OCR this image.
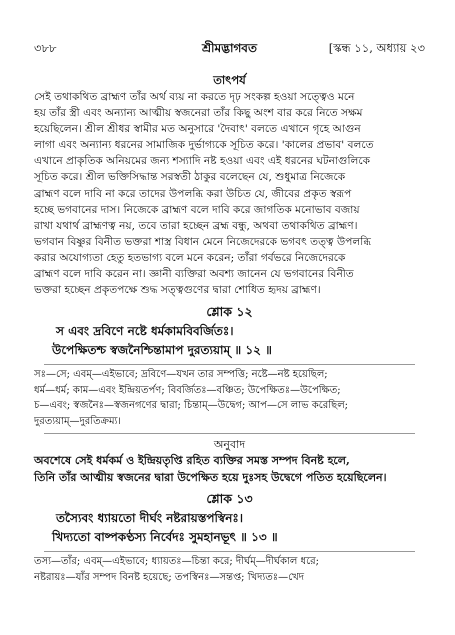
৩৮৮	শ্রীমদ্ভাগবত	[স্কন্ধ ১১, অধ্যায় ২৩

তাৎপর্য

সেই তথাকথিত ব্রাহ্মণ তাঁর অর্থ ব্যয় না করতে দৃঢ় সংকল্প হওয়া সত্ত্বেও মনে

হয় তাঁর স্ত্রী এবং অন্যান্য আত্মীয় স্বজনেরা তাঁর কিছু অংশ বার করে নিতে সক্ষম

হয়েছিলেন। শ্রীল শ্রীধর স্বামীর মত অনুসারে 'দৈবাৎ' বলতে এখানে গৃহে আগুন

লাগা এবং অন্যান্য ধরনের সামাজিক দুর্ভাগ্যকে সূচিত করে। 'কালের প্রভাব' বলতে

এখানে প্রাকৃতিক অনিয়মের জন্য শস্যাদি নষ্ট হওয়া এবং এই ধরনের ঘটনাগুলিকে

সূচিত করে। শ্রীল ভক্তিসিদ্ধান্ত সরস্বতী ঠাকুর বলেছেন যে, শুধুমাত্র নিজেকে

ব্রাহ্মণ বলে দাবি না করে তাদের উপলব্ধি করা উচিত যে, জীবের প্রকৃত স্বরূপ

হচ্ছে ভগবানের দাস। নিজেকে ব্রাহ্মণ বলে দাবি করে জাগতিক মনোভাব বজায়

রাখা যথার্থ ব্রাহ্মণত্ব নয়, তবে তারা হচ্ছেন ব্রহ্ম বন্ধু, অথবা তথাকথিত ব্রাহ্মণ।

ভগবান বিষ্ণুর বিনীত ভক্তরা শাস্ত্র বিধান মেনে নিজেদেরকে ভগবৎ তত্ত্ব উপলব্ধি

করার অযোগ্যতা হেতু হতভাগ্য বলে মনে করেন; তাঁরা গর্বভরে নিজেদেরকে

ব্রাহ্মণ বলে দাবি করেন না। জ্ঞানী ব্যক্তিরা অবশ্য জানেন যে ভগবানের বিনীত

ভক্তরা হচ্ছেন প্রকৃতপক্ষে শুদ্ধ সত্ত্বগুণের দ্বারা শোধিত হৃদয় ব্রাহ্মণ।

শ্লোক ১২

স এবং দ্রবিণে নষ্টে ধর্মকামবিবর্জিতঃ।

উপেক্ষিতশ্চ স্বজনৈশ্চিন্তামাপ দুরত্যয়াম্ ॥ ১২ ॥

সঃ—সে; এবম্—এইভাবে; দ্রবিণে—যখন তার সম্পত্তি; নষ্টে—নষ্ট হয়েছিল;

ধর্ম—ধর্ম; কাম—এবং ইন্দ্রিয়তর্পণ; বিবর্জিতঃ—বঞ্চিত; উপেক্ষিতঃ—উপেক্ষিত;

চ—এবং; স্বজনৈঃ—স্বজনগণের দ্বারা; চিন্তাম্—উদ্বেগ; আপ—সে লাভ করেছিল;

দুরত্যয়াম্—দুরতিক্রম্য।

অনুবাদ

অবশেষে সেই ধর্মকর্ম ও ইন্দ্রিয়তৃপ্তি রহিত ব্যক্তির সমস্ত সম্পদ বিনষ্ট হলে,

তিনি তাঁর আত্মীয় স্বজনের দ্বারা উপেক্ষিত হয়ে দুঃসহ উদ্বেগে পতিত হয়েছিলেন।

শ্লোক ১৩

তস্যৈবং ধ্যায়তো দীর্ঘং নষ্টরায়স্তপস্বিনঃ।

খিদ্যতো বাষ্পকণ্ঠস্য নির্বেদঃ সুমহানভূৎ ॥ ১৩ ॥

তস্য—তাঁর; এবম্—এইভাবে; ধ্যায়তঃ—চিন্তা করে; দীর্ঘম্—দীর্ঘকাল ধরে;

নষ্টরায়ঃ—যাঁর সম্পদ বিনষ্ট হয়েছে; তপস্বিনঃ—সন্তপ্ত; খিদ্যতঃ—খেদ
